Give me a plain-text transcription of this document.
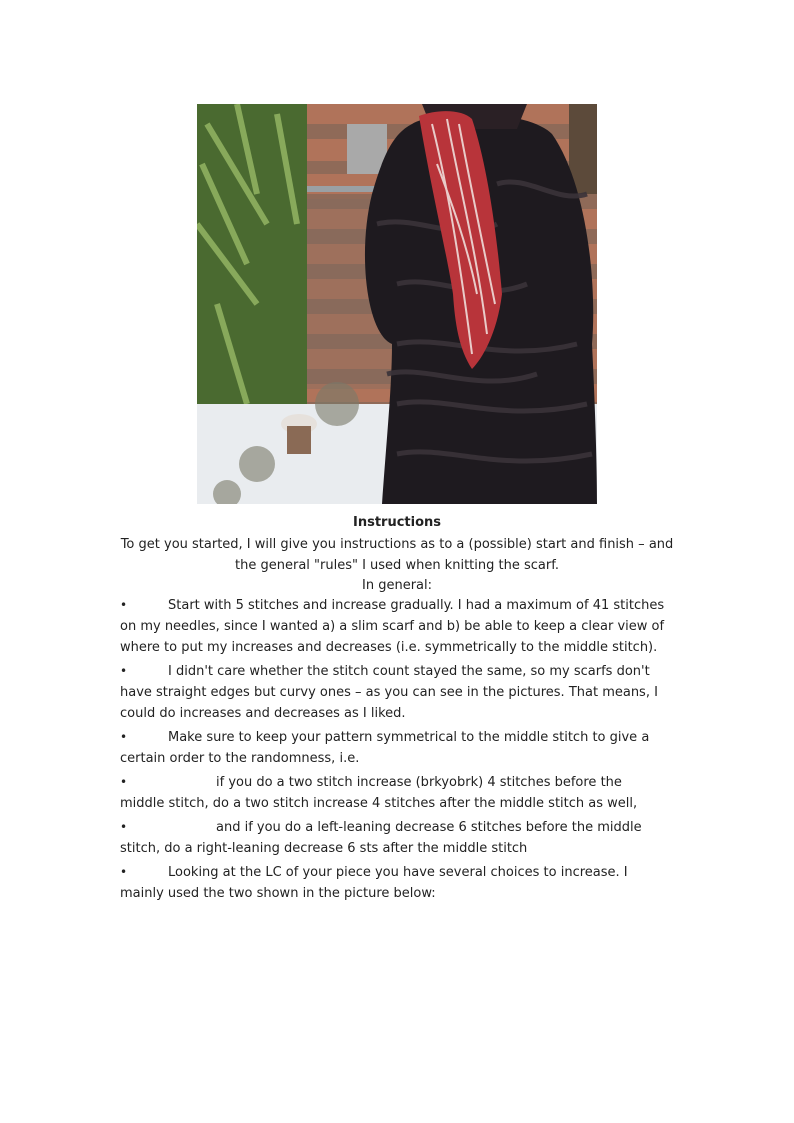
Instructions
To get you started, I will give you instructions as to a (possible) start and finish – and the general "rules" I used when knitting the scarf.
In general:
•	Start with 5 stitches and increase gradually. I had a maximum of 41 stitches on my needles, since I wanted a) a slim scarf and b) be able to keep a clear view of where to put my increases and decreases (i.e. symmetrically to the middle stitch).
•	I didn't care whether the stitch count stayed the same, so my scarfs don't have straight edges but curvy ones – as you can see in the pictures. That means, I could do increases and decreases as I liked.
•	Make sure to keep your pattern symmetrical to the middle stitch to give a certain order to the randomness, i.e.
•	if you do a two stitch increase (brkyobrk) 4 stitches before the middle stitch, do a two stitch increase 4 stitches after the middle stitch as well,
•	and if you do a left-leaning decrease 6 stitches before the middle stitch, do a right-leaning decrease 6 sts after the middle stitch
•	Looking at the LC of your piece you have several choices to increase. I mainly used the two shown in the picture below:
